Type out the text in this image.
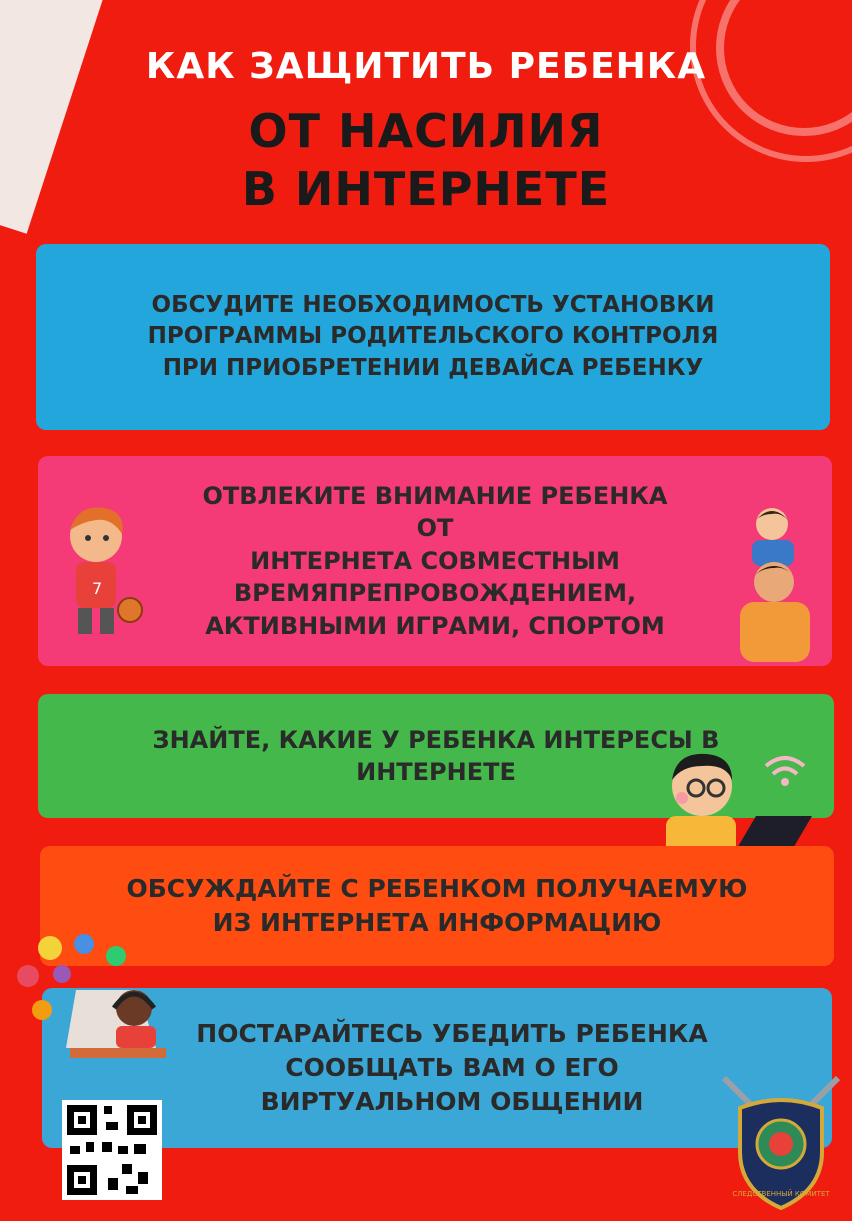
КАК ЗАЩИТИТЬ РЕБЕНКА
ОТ НАСИЛИЯ
В ИНТЕРНЕТЕ
ОБСУДИТЕ НЕОБХОДИМОСТЬ УСТАНОВКИ
ПРОГРАММЫ РОДИТЕЛЬСКОГО КОНТРОЛЯ
ПРИ ПРИОБРЕТЕНИИ ДЕВАЙСА РЕБЕНКУ
ОТВЛЕКИТЕ ВНИМАНИЕ РЕБЕНКА ОТ
ИНТЕРНЕТА СОВМЕСТНЫМ
ВРЕМЯПРЕПРОВОЖДЕНИЕМ,
АКТИВНЫМИ ИГРАМИ, СПОРТОМ
7
ЗНАЙТЕ, КАКИЕ У РЕБЕНКА ИНТЕРЕСЫ В
ИНТЕРНЕТЕ
ОБСУЖДАЙТЕ С РЕБЕНКОМ ПОЛУЧАЕМУЮ
ИЗ ИНТЕРНЕТА ИНФОРМАЦИЮ
ПОСТАРАЙТЕСЬ УБЕДИТЬ РЕБЕНКА
СООБЩАТЬ ВАМ О ЕГО
ВИРТУАЛЬНОМ ОБЩЕНИИ
СЛЕДСТВЕННЫЙ КОМИТЕТ
